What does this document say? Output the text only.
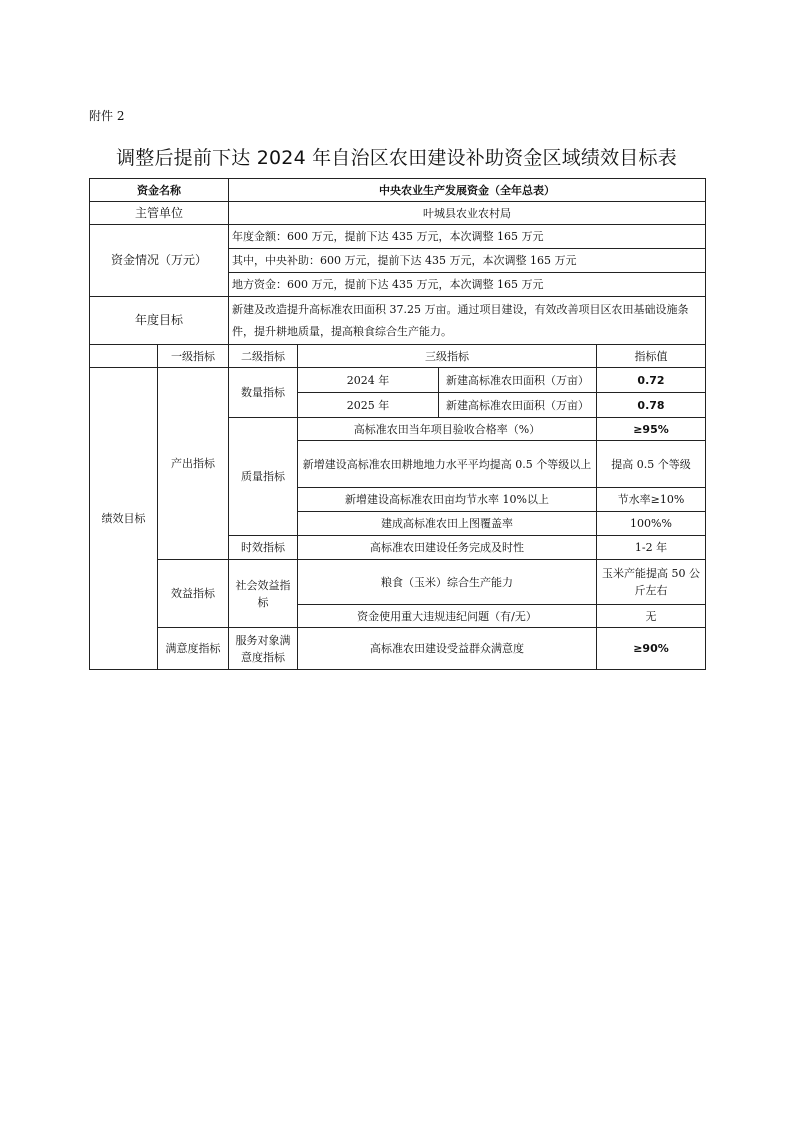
附件 2
调整后提前下达 2024 年自治区农田建设补助资金区域绩效目标表
资金名称		中央农业生产发展资金（全年总表）			
主管单位		叶城县农业农村局			
资金情况（万元）		年度金额：600 万元，提前下达 435 万元，本次调整 165 万元			
		其中，中央补助：600 万元，提前下达 435 万元，本次调整 165 万元			
		地方资金：600 万元，提前下达 435 万元，本次调整 165 万元			
年度目标		新建及改造提升高标准农田面积 37.25 万亩。通过项目建设，有效改善项目区农田基础设施条件，提升耕地质量，提高粮食综合生产能力。			
	一级指标	二级指标	三级指标		指标值
绩效目标	产出指标	数量指标	2024 年	新建高标准农田面积（万亩）	0.72
			2025 年	新建高标准农田面积（万亩）	0.78
		质量指标	高标准农田当年项目验收合格率（%）		≥95%
			新增建设高标准农田耕地地力水平平均提高 0.5 个等级以上		提高 0.5 个等级
			新增建设高标准农田亩均节水率 10%以上		节水率≥10%
			建成高标准农田上图覆盖率		100%%
		时效指标	高标准农田建设任务完成及时性		1-2 年
	效益指标	社会效益指标	粮食（玉米）综合生产能力		玉米产能提高 50 公斤左右
			资金使用重大违规违纪问题（有/无）		无
	满意度指标	服务对象满意度指标	高标准农田建设受益群众满意度		≥90%
